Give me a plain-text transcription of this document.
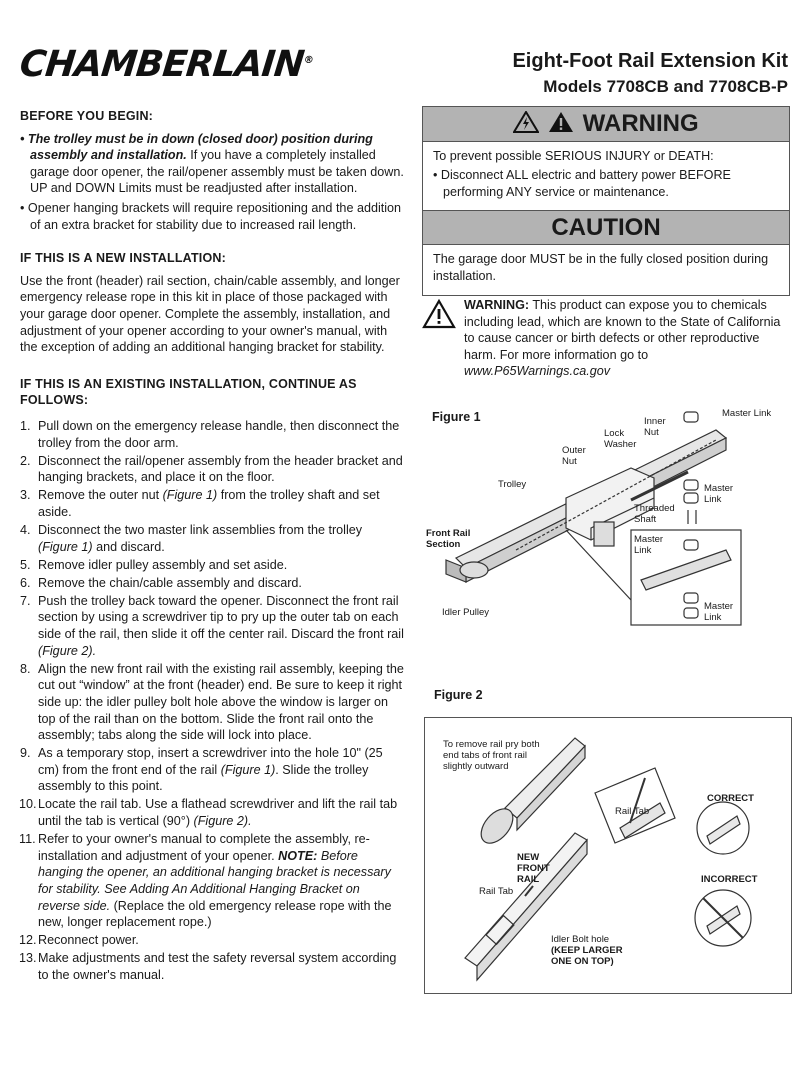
CHAMBERLAIN®	Eight-Foot Rail Extension Kit
Models 7708CB and 7708CB-P
BEFORE YOU BEGIN:
• The trolley must be in down (closed door) position during assembly and installation. If you have a completely installed garage door opener, the rail/opener assembly must be taken down. UP and DOWN Limits must be readjusted after installation.
• Opener hanging brackets will require repositioning and the addition of an extra bracket for stability due to increased rail length.
IF THIS IS A NEW INSTALLATION:
Use the front (header) rail section, chain/cable assembly, and longer emergency release rope in this kit in place of those packaged with your garage door opener. Complete the assembly, installation, and adjustment of your opener according to your owner's manual, with the exception of adding an additional hanging bracket for stability.
IF THIS IS AN EXISTING INSTALLATION, CONTINUE AS FOLLOWS:
1. Pull down on the emergency release handle, then disconnect the trolley from the door arm.
2. Disconnect the rail/opener assembly from the header bracket and hanging brackets, and place it on the floor.
3. Remove the outer nut (Figure 1) from the trolley shaft and set aside.
4. Disconnect the two master link assemblies from the trolley (Figure 1) and discard.
5. Remove idler pulley assembly and set aside.
6. Remove the chain/cable assembly and discard.
7. Push the trolley back toward the opener. Disconnect the front rail section by using a screwdriver tip to pry up the outer tab on each side of the rail, then slide it off the center rail. Discard the front rail (Figure 2).
8. Align the new front rail with the existing rail assembly, keeping the cut out “window” at the front (header) end. Be sure to keep it right side up: the idler pulley bolt hole above the window is larger on top of the rail than on the bottom. Slide the front rail onto the assembly; tabs along the side will lock into place.
9. As a temporary stop, insert a screwdriver into the hole 10" (25 cm) from the front end of the rail (Figure 1). Slide the trolley assembly to this point.
10. Locate the rail tab. Use a flathead screwdriver and lift the rail tab until the tab is vertical (90°) (Figure 2).
11. Refer to your owner's manual to complete the assembly, re-installation and adjustment of your opener. NOTE: Before hanging the opener, an additional hanging bracket is necessary for stability. See Adding An Additional Hanging Bracket on reverse side. (Replace the old emergency release rope with the new, longer replacement rope.)
12. Reconnect power.
13. Make adjustments and test the safety reversal system according to the owner's manual.
WARNING
To prevent possible SERIOUS INJURY or DEATH:
• Disconnect ALL electric and battery power BEFORE performing ANY service or maintenance.
CAUTION
The garage door MUST be in the fully closed position during installation.
WARNING: This product can expose you to chemicals including lead, which are known to the State of California to cause cancer or birth defects or other reproductive harm. For more information go to www.P65Warnings.ca.gov
Figure 1	Master Link
Inner Nut
Lock Washer
Outer Nut
Trolley	Master Link
Threaded Shaft
Front Rail Section	Master Link
Master Link
Idler Pulley
Figure 2
To remove rail pry both end tabs of front rail slightly outward
Rail Tab
CORRECT
NEW FRONT RAIL	INCORRECT
Rail Tab
Idler Bolt hole
(KEEP LARGER ONE ON TOP)
